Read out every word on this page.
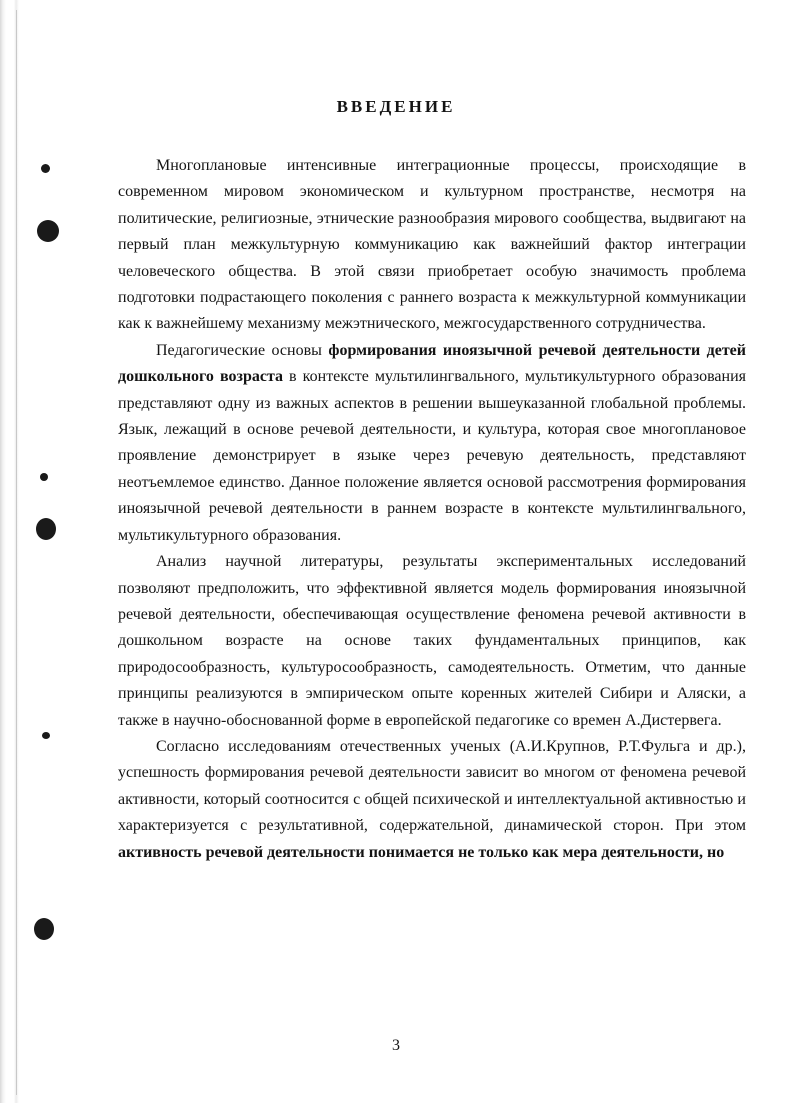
ВВЕДЕНИЕ

Многоплановые интенсивные интеграционные процессы, происходящие в современном мировом экономическом и культурном пространстве, несмотря на политические, религиозные, этнические разнообразия мирового сообщества, выдвигают на первый план межкультурную коммуникацию как важнейший фактор интеграции человеческого общества. В этой связи приобретает особую значимость проблема подготовки подрастающего поколения с раннего возраста к межкультурной коммуникации как к важнейшему механизму межэтнического, межгосударственного сотрудничества.

Педагогические основы формирования иноязычной речевой деятельности детей дошкольного возраста в контексте мультилингвального, мультикультурного образования представляют одну из важных аспектов в решении вышеуказанной глобальной проблемы. Язык, лежащий в основе речевой деятельности, и культура, которая свое многоплановое проявление демонстрирует в языке через речевую деятельность, представляют неотъемлемое единство. Данное положение является основой рассмотрения формирования иноязычной речевой деятельности в раннем возрасте в контексте мультилингвального, мультикультурного образования.

Анализ научной литературы, результаты экспериментальных исследований позволяют предположить, что эффективной является модель формирования иноязычной речевой деятельности, обеспечивающая осуществление феномена речевой активности в дошкольном возрасте на основе таких фундаментальных принципов, как природосообразность, культуросообразность, самодеятельность. Отметим, что данные принципы реализуются в эмпирическом опыте коренных жителей Сибири и Аляски, а также в научно-обоснованной форме в европейской педагогике со времен А.Дистервега.

Согласно исследованиям отечественных ученых (А.И.Крупнов, Р.Т.Фульга и др.), успешность формирования речевой деятельности зависит во многом от феномена речевой активности, который соотносится с общей психической и интеллектуальной активностью и характеризуется с результативной, содержательной, динамической сторон. При этом активность речевой деятельности понимается не только как мера деятельности, но

3
